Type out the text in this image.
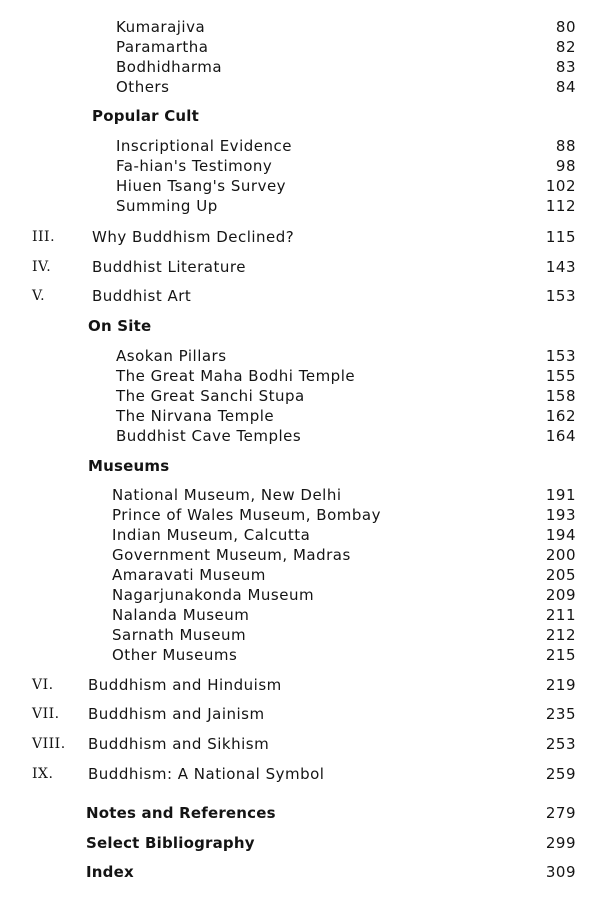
Kumarajiva	80
Paramartha	82
Bodhidharma	83
Others	84
Popular Cult
Inscriptional Evidence	88
Fa-hian's Testimony	98
Hiuen Tsang's Survey	102
Summing Up	112
III. Why Buddhism Declined?	115
IV.	Buddhist Literature	143
V.	Buddhist Art	153
On Site
Asokan Pillars	153
The Great Maha Bodhi Temple	155
The Great Sanchi Stupa	158
The Nirvana Temple	162
Buddhist Cave Temples	164
Museums
National Museum, New Delhi	191
Prince of Wales Museum, Bombay	193
Indian Museum, Calcutta	194
Government Museum, Madras	200
Amaravati Museum	205
Nagarjunakonda Museum	209
Nalanda Museum	211
Sarnath Museum	212
Other Museums	215
VI. Buddhism and Hinduism	219
VII. Buddhism and Jainism	235
VIII. Buddhism and Sikhism	253
IX. Buddhism: A National Symbol	259
Notes and References	279
Select Bibliography	299
Index	309
